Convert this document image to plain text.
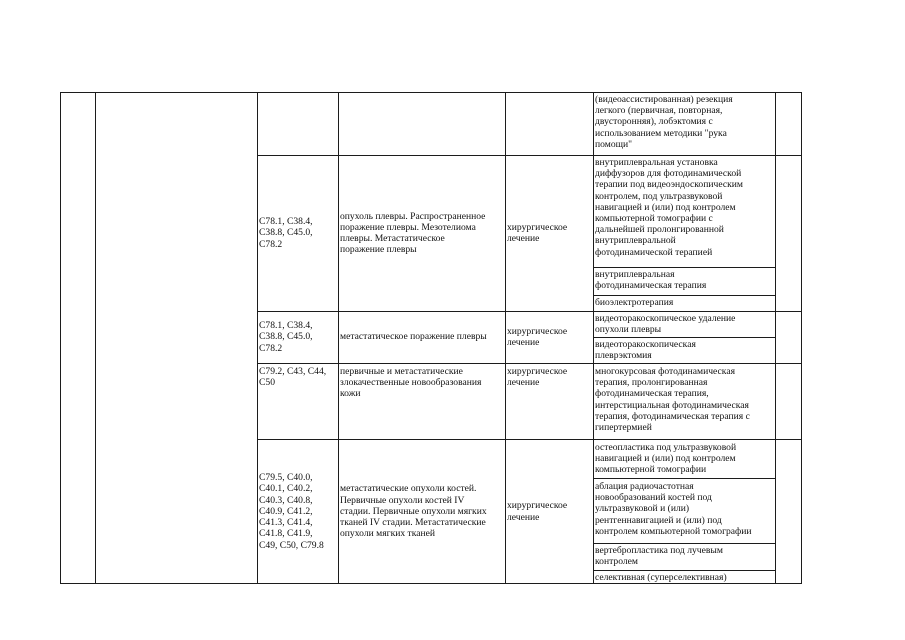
(видеоассистированная) резекция
легкого (первичная, повторная,
двусторонняя), лобэктомия с
использованием методики "рука
помощи"
C78.1, C38.4,
C38.8, C45.0,
C78.2
опухоль плевры. Распространенное
поражение плевры. Мезотелиома
плевры. Метастатическое
поражение плевры
хирургическое
лечение
внутриплевральная установка
диффузоров для фотодинамической
терапии под видеоэндоскопическим
контролем, под ультразвуковой
навигацией и (или) под контролем
компьютерной томографии с
дальнейшей пролонгированной
внутриплевральной
фотодинамической терапией
внутриплевральная
фотодинамическая терапия
биоэлектротерапия
C78.1, C38.4,
C38.8, C45.0,
C78.2
метастатическое поражение плевры
хирургическое
лечение
видеоторакоскопическое удаление
опухоли плевры
видеоторакоскопическая
плеврэктомия
C79.2, C43, C44,
C50
первичные и метастатические
злокачественные новообразования
кожи
хирургическое
лечение
многокурсовая фотодинамическая
терапия, пролонгированная
фотодинамическая терапия,
интерстициальная фотодинамическая
терапия, фотодинамическая терапия с
гипертермией
C79.5, C40.0,
C40.1, C40.2,
C40.3, C40.8,
C40.9, C41.2,
C41.3, C41.4,
C41.8, C41.9,
C49, C50, C79.8
метастатические опухоли костей.
Первичные опухоли костей IV
стадии. Первичные опухоли мягких
тканей IV стадии. Метастатические
опухоли мягких тканей
хирургическое
лечение
остеопластика под ультразвуковой
навигацией и (или) под контролем
компьютерной томографии
аблация радиочастотная
новообразований костей под
ультразвуковой и (или)
рентгеннавигацией и (или) под
контролем компьютерной томографии
вертебропластика под лучевым
контролем
селективная (суперселективная)
